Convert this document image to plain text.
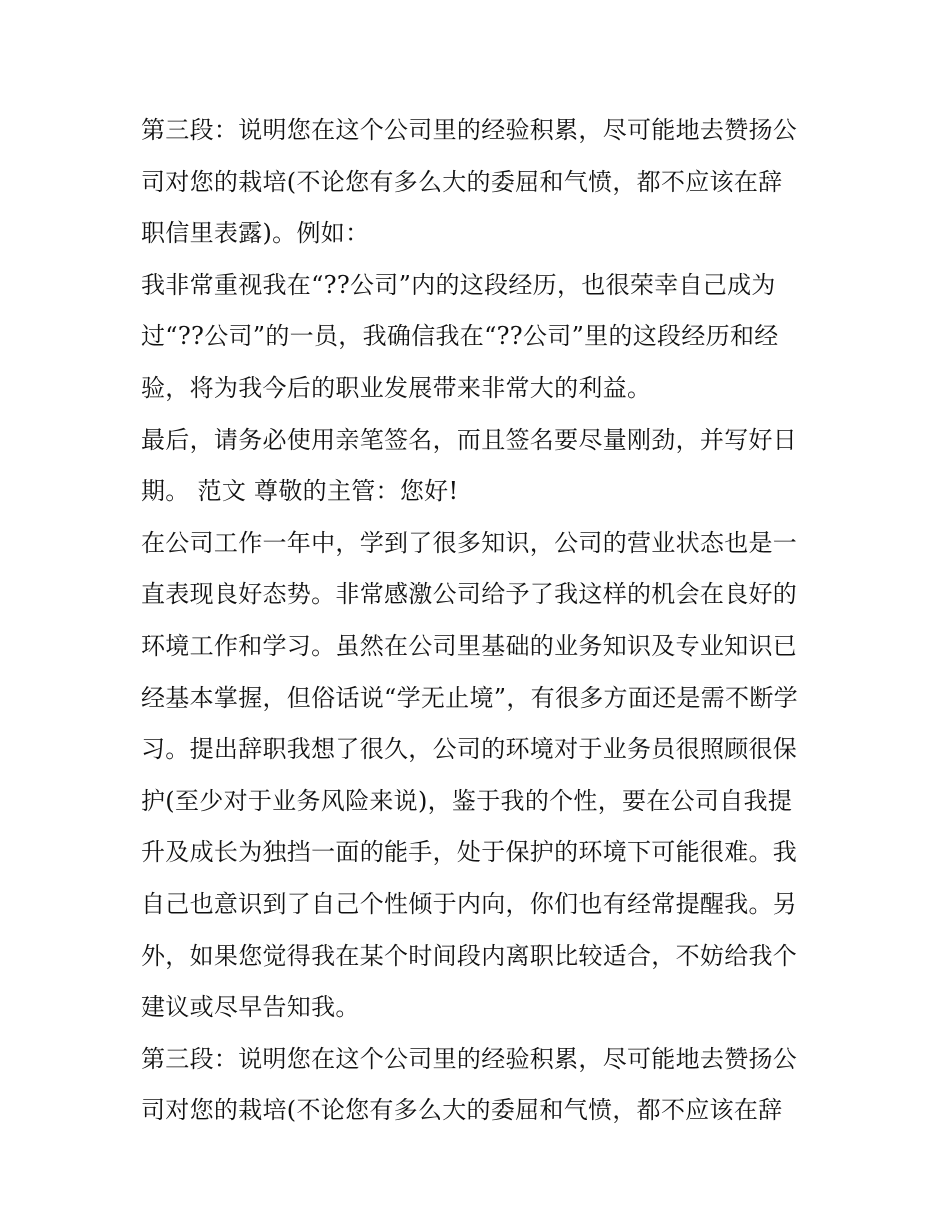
第三段：说明您在这个公司里的经验积累，尽可能地去赞扬公
司对您的栽培(不论您有多么大的委屈和气愤，都不应该在辞
职信里表露)。例如：
我非常重视我在“??公司”内的这段经历，也很荣幸自己成为
过“??公司”的一员，我确信我在“??公司”里的这段经历和经
验，将为我今后的职业发展带来非常大的利益。
最后，请务必使用亲笔签名，而且签名要尽量刚劲，并写好日
期。 范文 尊敬的主管：您好!
在公司工作一年中，学到了很多知识，公司的营业状态也是一
直表现良好态势。非常感激公司给予了我这样的机会在良好的
环境工作和学习。虽然在公司里基础的业务知识及专业知识已
经基本掌握，但俗话说“学无止境”，有很多方面还是需不断学
习。提出辞职我想了很久，公司的环境对于业务员很照顾很保
护(至少对于业务风险来说)，鉴于我的个性，要在公司自我提
升及成长为独挡一面的能手，处于保护的环境下可能很难。我
自己也意识到了自己个性倾于内向，你们也有经常提醒我。另
外，如果您觉得我在某个时间段内离职比较适合，不妨给我个
建议或尽早告知我。
第三段：说明您在这个公司里的经验积累，尽可能地去赞扬公
司对您的栽培(不论您有多么大的委屈和气愤，都不应该在辞
